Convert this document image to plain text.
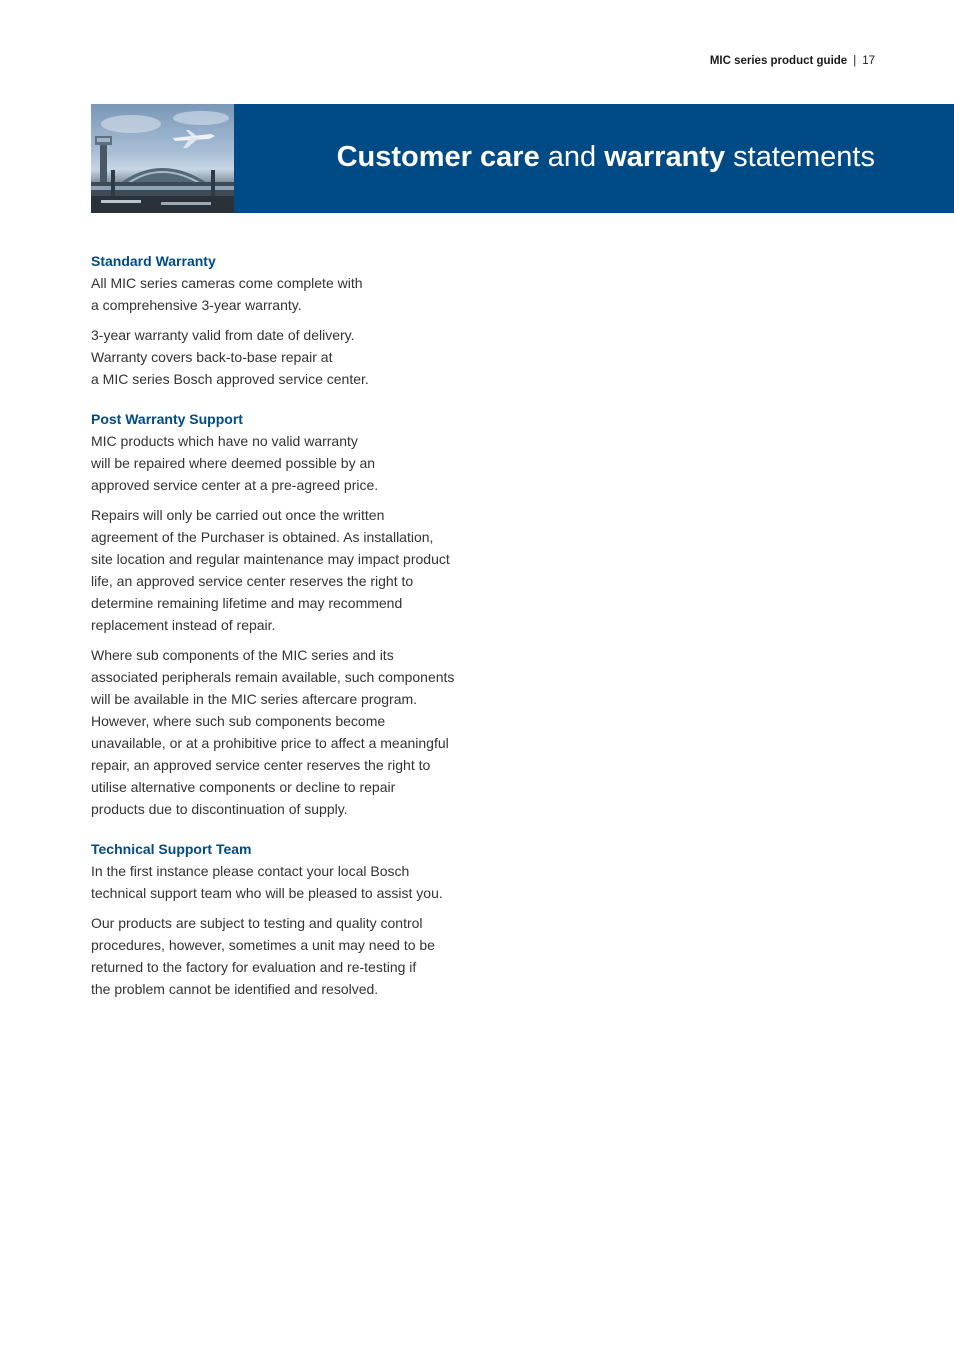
MIC series product guide | 17
Customer care and warranty statements
Standard Warranty
All MIC series cameras come complete with
a comprehensive 3-year warranty.
3-year warranty valid from date of delivery.
Warranty covers back-to-base repair at
a MIC series Bosch approved service center.
Post Warranty Support
MIC products which have no valid warranty
will be repaired where deemed possible by an
approved service center at a pre-agreed price.
Repairs will only be carried out once the written
agreement of the Purchaser is obtained. As installation,
site location and regular maintenance may impact product
life, an approved service center reserves the right to
determine remaining lifetime and may recommend
replacement instead of repair.
Where sub components of the MIC series and its
associated peripherals remain available, such components
will be available in the MIC series aftercare program.
However, where such sub components become
unavailable, or at a prohibitive price to affect a meaningful
repair, an approved service center reserves the right to
utilise alternative components or decline to repair
products due to discontinuation of supply.
Technical Support Team
In the first instance please contact your local Bosch
technical support team who will be pleased to assist you.
Our products are subject to testing and quality control
procedures, however, sometimes a unit may need to be
returned to the factory for evaluation and re-testing if
the problem cannot be identified and resolved.
